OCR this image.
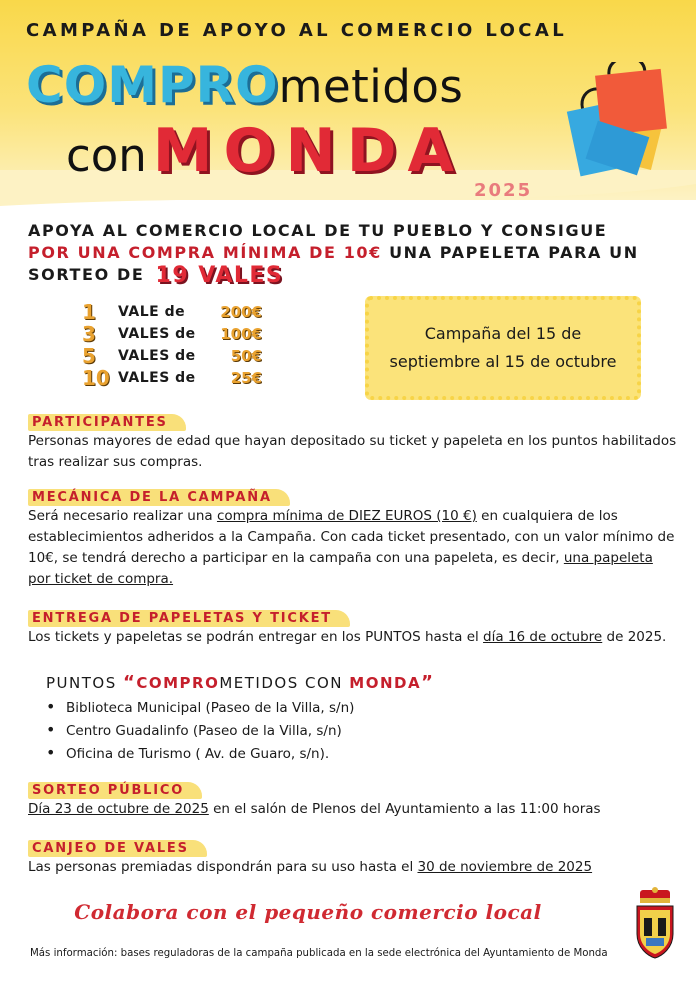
CAMPAÑA DE APOYO AL COMERCIO LOCAL
COMPROmetidos
con MONDA
2025
APOYA AL COMERCIO LOCAL DE TU PUEBLO Y CONSIGUE
POR UNA COMPRA MÍNIMA DE 10€ UNA PAPELETA PARA UN
SORTEO DE 19 VALES
1 VALE de 200€
3 VALES de 100€
5 VALES de 50€
10 VALES de 25€
Campaña del 15 de
septiembre al 15 de octubre
PARTICIPANTES
Personas mayores de edad que hayan depositado su ticket y papeleta en los puntos habilitados tras realizar sus compras.
MECÁNICA DE LA CAMPAÑA
Será necesario realizar una compra mínima de DIEZ EUROS (10 €) en cualquiera de los establecimientos adheridos a la Campaña. Con cada ticket presentado, con un valor mínimo de 10€, se tendrá derecho a participar en la campaña con una papeleta, es decir, una papeleta por ticket de compra.
ENTREGA DE PAPELETAS Y TICKET
Los tickets y papeletas se podrán entregar en los PUNTOS hasta el día 16 de octubre de 2025.
PUNTOS “COMPROMETIDOS CON MONDA”
• Biblioteca Municipal (Paseo de la Villa, s/n)
• Centro Guadalinfo (Paseo de la Villa, s/n)
• Oficina de Turismo ( Av. de Guaro, s/n).
SORTEO PÚBLICO
Día 23 de octubre de 2025 en el salón de Plenos del Ayuntamiento a las 11:00 horas
CANJEO DE VALES
Las personas premiadas dispondrán para su uso hasta el 30 de noviembre de 2025
Colabora con el pequeño comercio local
Más información: bases reguladoras de la campaña publicada en la sede electrónica del Ayuntamiento de Monda
